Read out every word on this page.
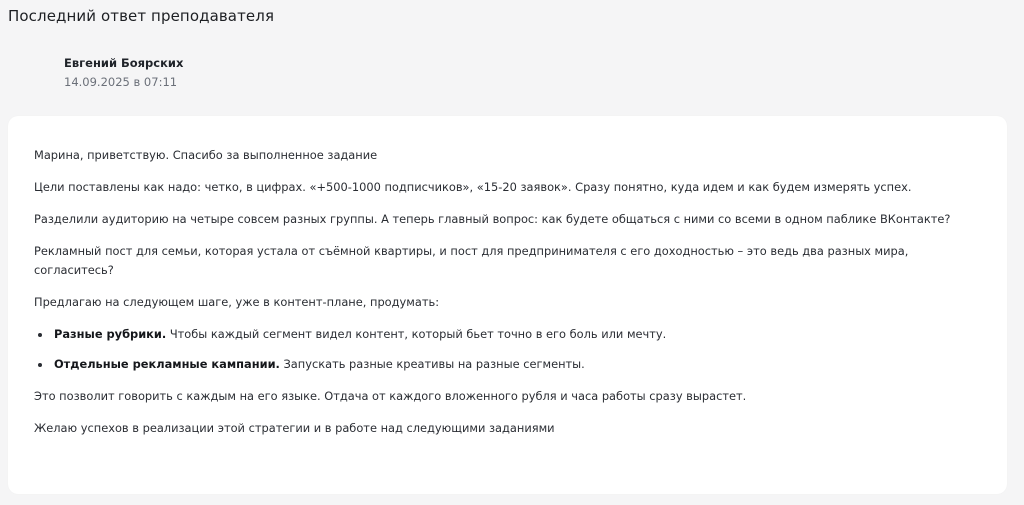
Последний ответ преподавателя
Евгений Боярских
14.09.2025 в 07:11

Марина, приветствую. Спасибо за выполненное задание

Цели поставлены как надо: четко, в цифрах. «+500-1000 подписчиков», «15-20 заявок». Сразу понятно, куда идем и как будем измерять успех.

Разделили аудиторию на четыре совсем разных группы. А теперь главный вопрос: как будете общаться с ними со всеми в одном паблике ВКонтакте?

Рекламный пост для семьи, которая устала от съёмной квартиры, и пост для предпринимателя с его доходностью – это ведь два разных мира, согласитесь?

Предлагаю на следующем шаге, уже в контент-плане, продумать:

• Разные рубрики. Чтобы каждый сегмент видел контент, который бьет точно в его боль или мечту.
• Отдельные рекламные кампании. Запускать разные креативы на разные сегменты.

Это позволит говорить с каждым на его языке. Отдача от каждого вложенного рубля и часа работы сразу вырастет.

Желаю успехов в реализации этой стратегии и в работе над следующими заданиями
